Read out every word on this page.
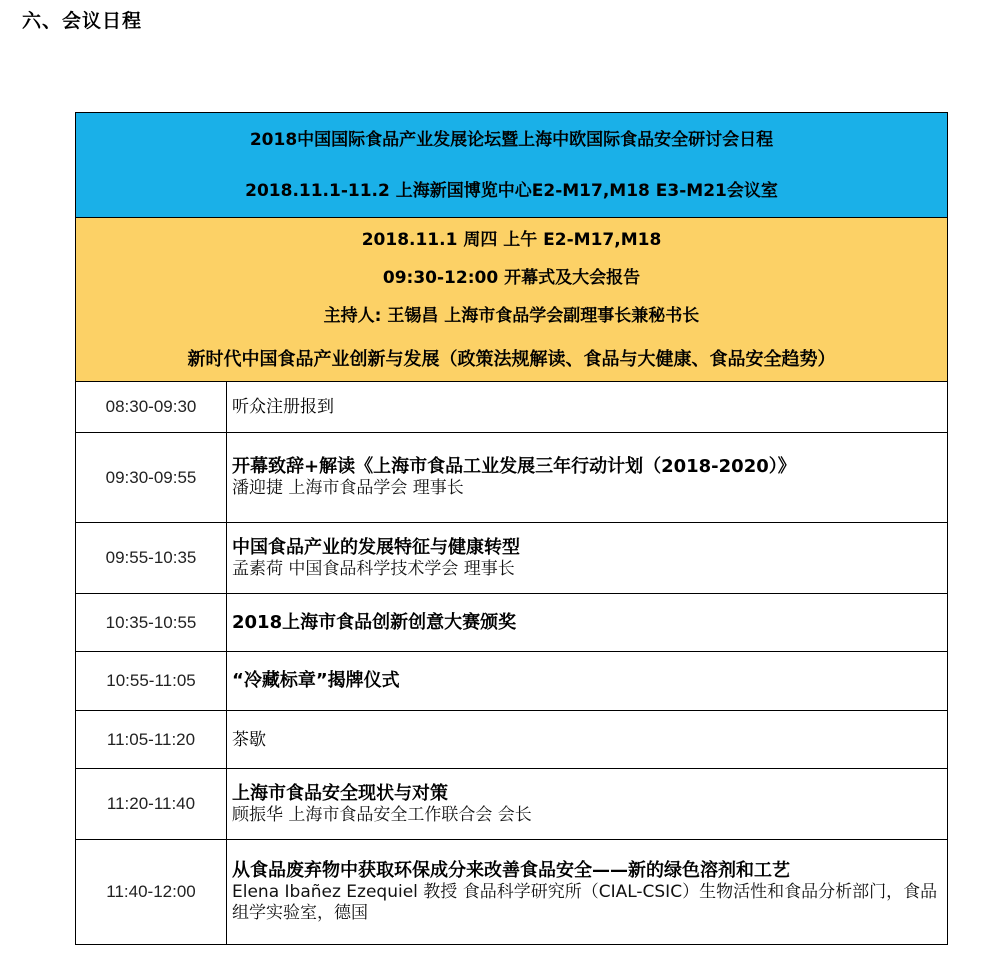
六、会议日程
2018中国国际食品产业发展论坛暨上海中欧国际食品安全研讨会日程
2018.11.1-11.2 上海新国博览中心E2-M17,M18 E3-M21会议室	

2018.11.1 周四 上午 E2-M17,M18
09:30-12:00 开幕式及大会报告
主持人: 王锡昌 上海市食品学会副理事长兼秘书长
新时代中国食品产业创新与发展（政策法规解读、食品与大健康、食品安全趋势）	

08:30-09:30	听众注册报到

09:30-09:55	开幕致辞+解读《上海市食品工业发展三年行动计划（2018-2020）》
潘迎捷 上海市食品学会 理事长

09:55-10:35	中国食品产业的发展特征与健康转型
孟素荷 中国食品科学技术学会 理事长

10:35-10:55	2018上海市食品创新创意大赛颁奖

10:55-11:05	“冷藏标章”揭牌仪式

11:05-11:20	茶歇

11:20-11:40	上海市食品安全现状与对策
顾振华 上海市食品安全工作联合会 会长

11:40-12:00	从食品废弃物中获取环保成分来改善食品安全——新的绿色溶剂和工艺
Elena Ibañez Ezequiel 教授 食品科学研究所（CIAL-CSIC）生物活性和食品分析部门，食品组学实验室，德国
